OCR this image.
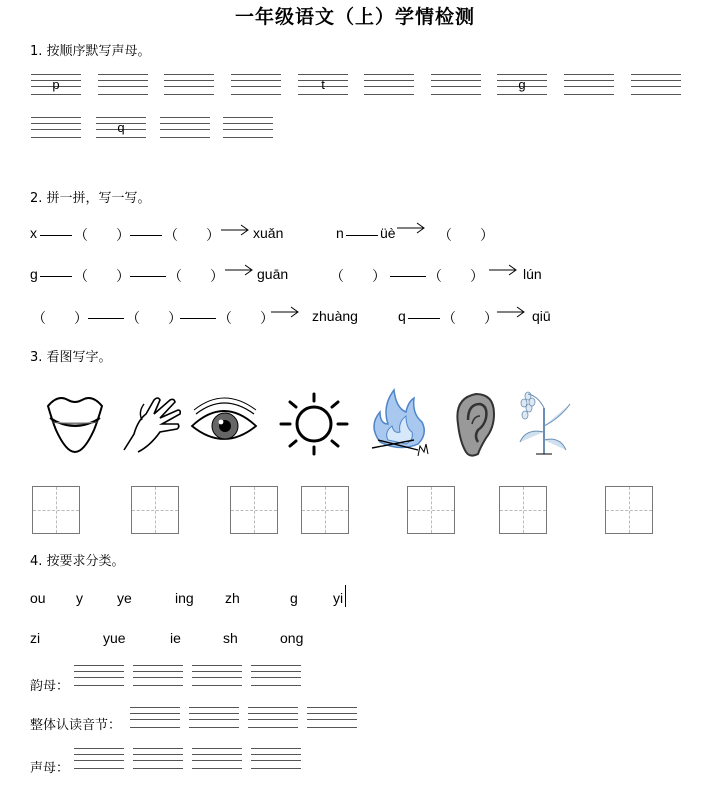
一年级语文（上）学情检测
1. 按顺序默写声母。
p	t	g
q
2. 拼一拼，写一写。
x	（　　） （　　） xuǎn	n	üè	（　　）
g	（　　）	（　　） guān	（　　）	（　　）	lún
（　　）	（　　）	（　　）	zhuàng	q	（　　） qiū
3. 看图写字。
4. 按要求分类。
ou y ye	ing zh	g	yi
zi	yue	ie	sh	ong
韵母：
整体认读音节：
声母：
